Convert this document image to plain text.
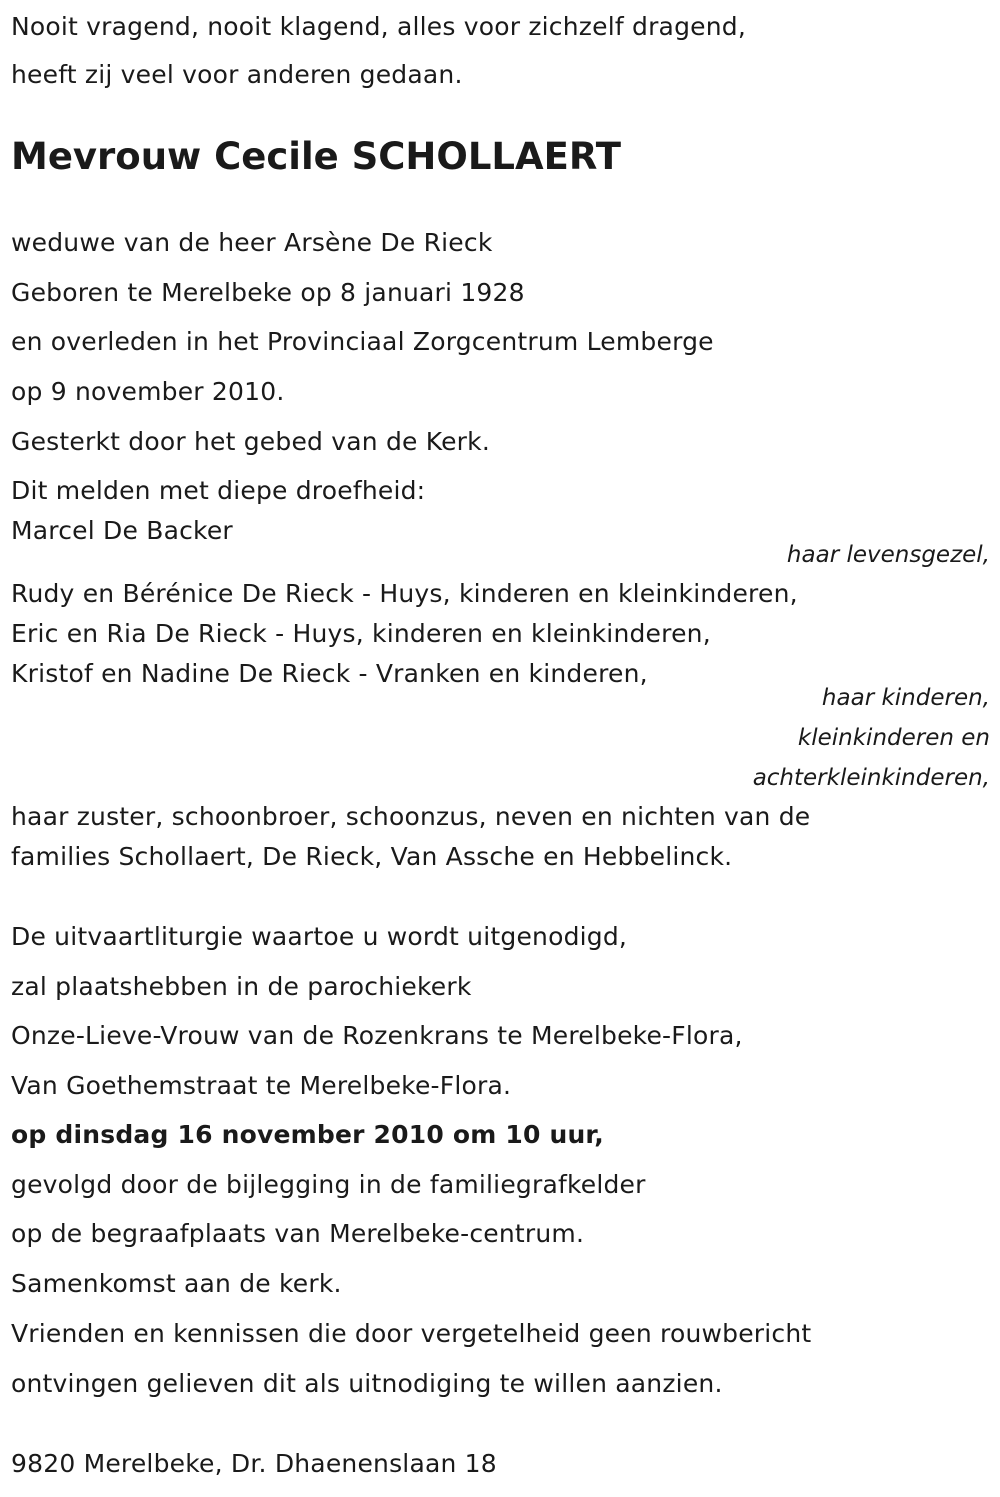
Nooit vragend, nooit klagend, alles voor zichzelf dragend,
heeft zij veel voor anderen gedaan.
Mevrouw Cecile SCHOLLAERT
weduwe van de heer Arsène De Rieck
Geboren te Merelbeke op 8 januari 1928
en overleden in het Provinciaal Zorgcentrum Lemberge
op 9 november 2010.
Gesterkt door het gebed van de Kerk.
Dit melden met diepe droefheid:
Marcel De Backer
haar levensgezel,
Rudy en Bérénice De Rieck - Huys, kinderen en kleinkinderen,
Eric en Ria De Rieck - Huys, kinderen en kleinkinderen,
Kristof en Nadine De Rieck - Vranken en kinderen,
haar kinderen,
kleinkinderen en
achterkleinkinderen,
haar zuster, schoonbroer, schoonzus, neven en nichten van de
families Schollaert, De Rieck, Van Assche en Hebbelinck.
De uitvaartliturgie waartoe u wordt uitgenodigd,
zal plaatshebben in de parochiekerk
Onze-Lieve-Vrouw van de Rozenkrans te Merelbeke-Flora,
Van Goethemstraat te Merelbeke-Flora.
op dinsdag 16 november 2010 om 10 uur,
gevolgd door de bijlegging in de familiegrafkelder
op de begraafplaats van Merelbeke-centrum.
Samenkomst aan de kerk.
Vrienden en kennissen die door vergetelheid geen rouwbericht
ontvingen gelieven dit als uitnodiging te willen aanzien.
9820 Merelbeke, Dr. Dhaenenslaan 18
